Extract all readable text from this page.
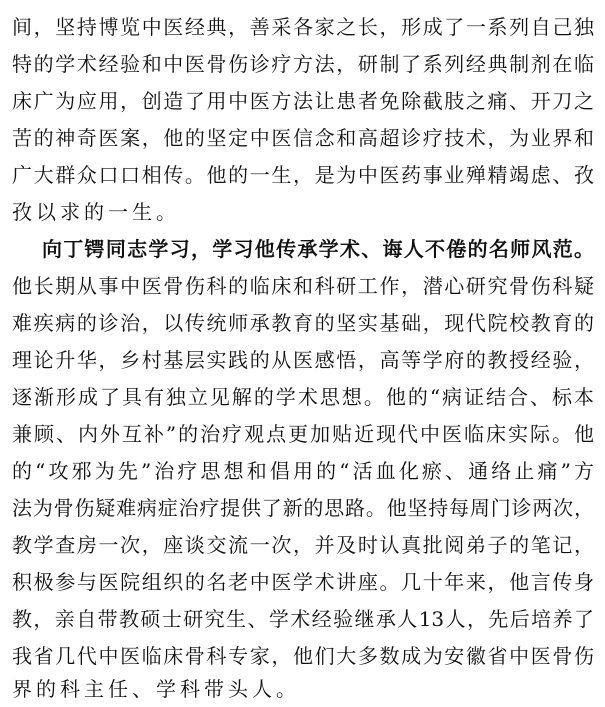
间，坚持博览中医经典，善采各家之长，形成了一系列自己独
特的学术经验和中医骨伤诊疗方法，研制了系列经典制剂在临
床广为应用，创造了用中医方法让患者免除截肢之痛、开刀之
苦的神奇医案，他的坚定中医信念和高超诊疗技术，为业界和
广大群众口口相传。他的一生，是为中医药事业殚精竭虑、孜
孜以求的一生。
向丁锷同志学习，学习他传承学术、诲人不倦的名师风范。
他长期从事中医骨伤科的临床和科研工作，潜心研究骨伤科疑
难疾病的诊治，以传统师承教育的坚实基础，现代院校教育的
理论升华，乡村基层实践的从医感悟，高等学府的教授经验，
逐渐形成了具有独立见解的学术思想。他的“病证结合、标本
兼顾、内外互补”的治疗观点更加贴近现代中医临床实际。他
的“攻邪为先”治疗思想和倡用的“活血化瘀、通络止痛”方
法为骨伤疑难病症治疗提供了新的思路。他坚持每周门诊两次，
教学查房一次，座谈交流一次，并及时认真批阅弟子的笔记，
积极参与医院组织的名老中医学术讲座。几十年来，他言传身
教，亲自带教硕士研究生、学术经验继承人13人，先后培养了
我省几代中医临床骨科专家，他们大多数成为安徽省中医骨伤
界的科主任、学科带头人。
